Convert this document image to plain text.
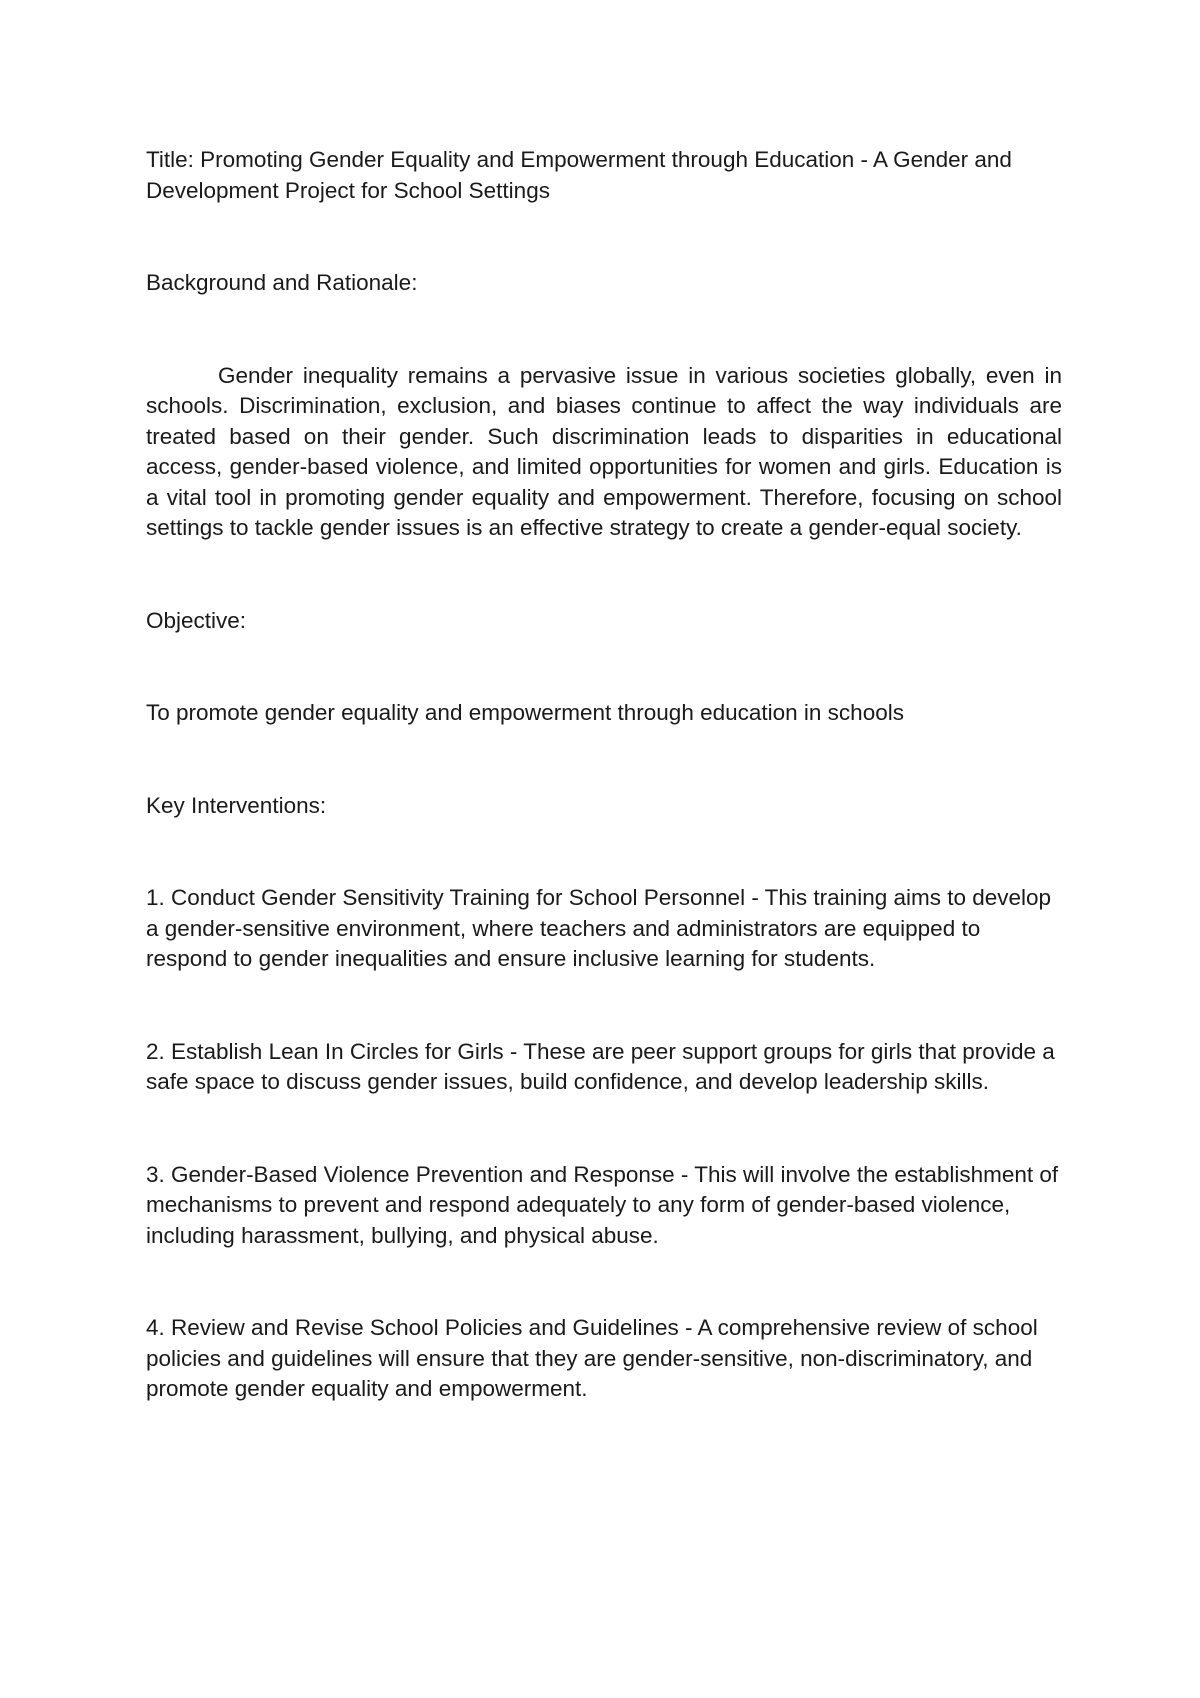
Title: Promoting Gender Equality and Empowerment through Education - A Gender and Development Project for School Settings

Background and Rationale:

Gender inequality remains a pervasive issue in various societies globally, even in schools. Discrimination, exclusion, and biases continue to affect the way individuals are treated based on their gender. Such discrimination leads to disparities in educational access, gender-based violence, and limited opportunities for women and girls. Education is a vital tool in promoting gender equality and empowerment. Therefore, focusing on school settings to tackle gender issues is an effective strategy to create a gender-equal society.

Objective:

To promote gender equality and empowerment through education in schools

Key Interventions:

1. Conduct Gender Sensitivity Training for School Personnel - This training aims to develop a gender-sensitive environment, where teachers and administrators are equipped to respond to gender inequalities and ensure inclusive learning for students.

2. Establish Lean In Circles for Girls - These are peer support groups for girls that provide a safe space to discuss gender issues, build confidence, and develop leadership skills.

3. Gender-Based Violence Prevention and Response - This will involve the establishment of mechanisms to prevent and respond adequately to any form of gender-based violence, including harassment, bullying, and physical abuse.

4. Review and Revise School Policies and Guidelines - A comprehensive review of school policies and guidelines will ensure that they are gender-sensitive, non-discriminatory, and promote gender equality and empowerment.
